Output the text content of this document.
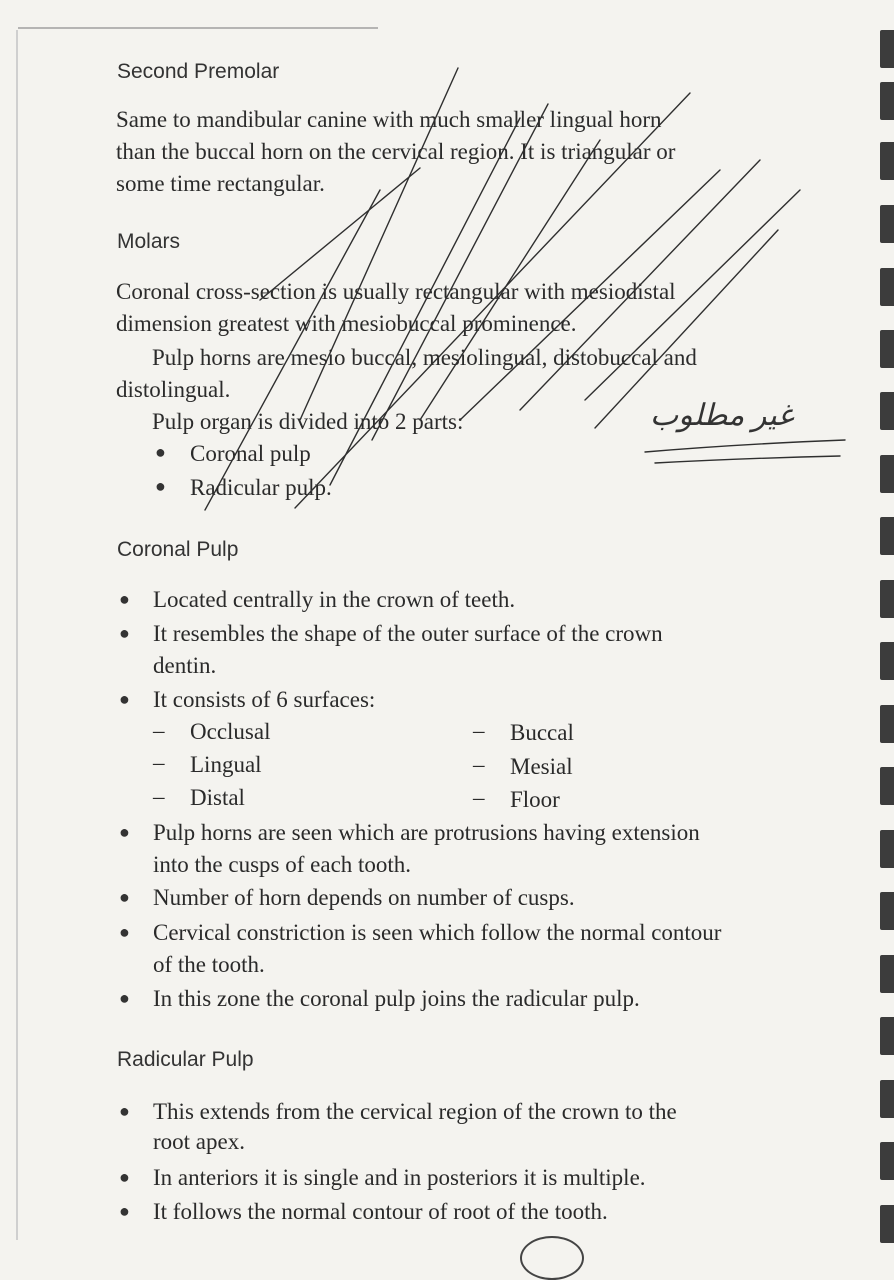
Second Premolar

Same to mandibular canine with much smaller lingual horn

than the buccal horn on the cervical region. It is triangular or

some time rectangular.

Molars

Coronal cross-section is usually rectangular with mesiodistal

dimension greatest with mesiobuccal prominence.

Pulp horns are mesio buccal, mesiolingual, distobuccal and

distolingual.

Pulp organ is divided into 2 parts:

● Coronal pulp

● Radicular pulp.

Coronal Pulp
● Located centrally in the crown of teeth.

● It resembles the shape of the outer surface of the crown

dentin.

● It consists of 6 surfaces:

– Occlusal
– Lingual
– Distal
– Buccal
– Mesial
– Floor
● Pulp horns are seen which are protrusions having extension

into the cusps of each tooth.

● Number of horn depends on number of cusps.

● Cervical constriction is seen which follow the normal contour

of the tooth.

● In this zone the coronal pulp joins the radicular pulp.

Radicular Pulp
● This extends from the cervical region of the crown to the

root apex.

● In anteriors it is single and in posteriors it is multiple.

● It follows the normal contour of root of the tooth.

غير مطلوب
